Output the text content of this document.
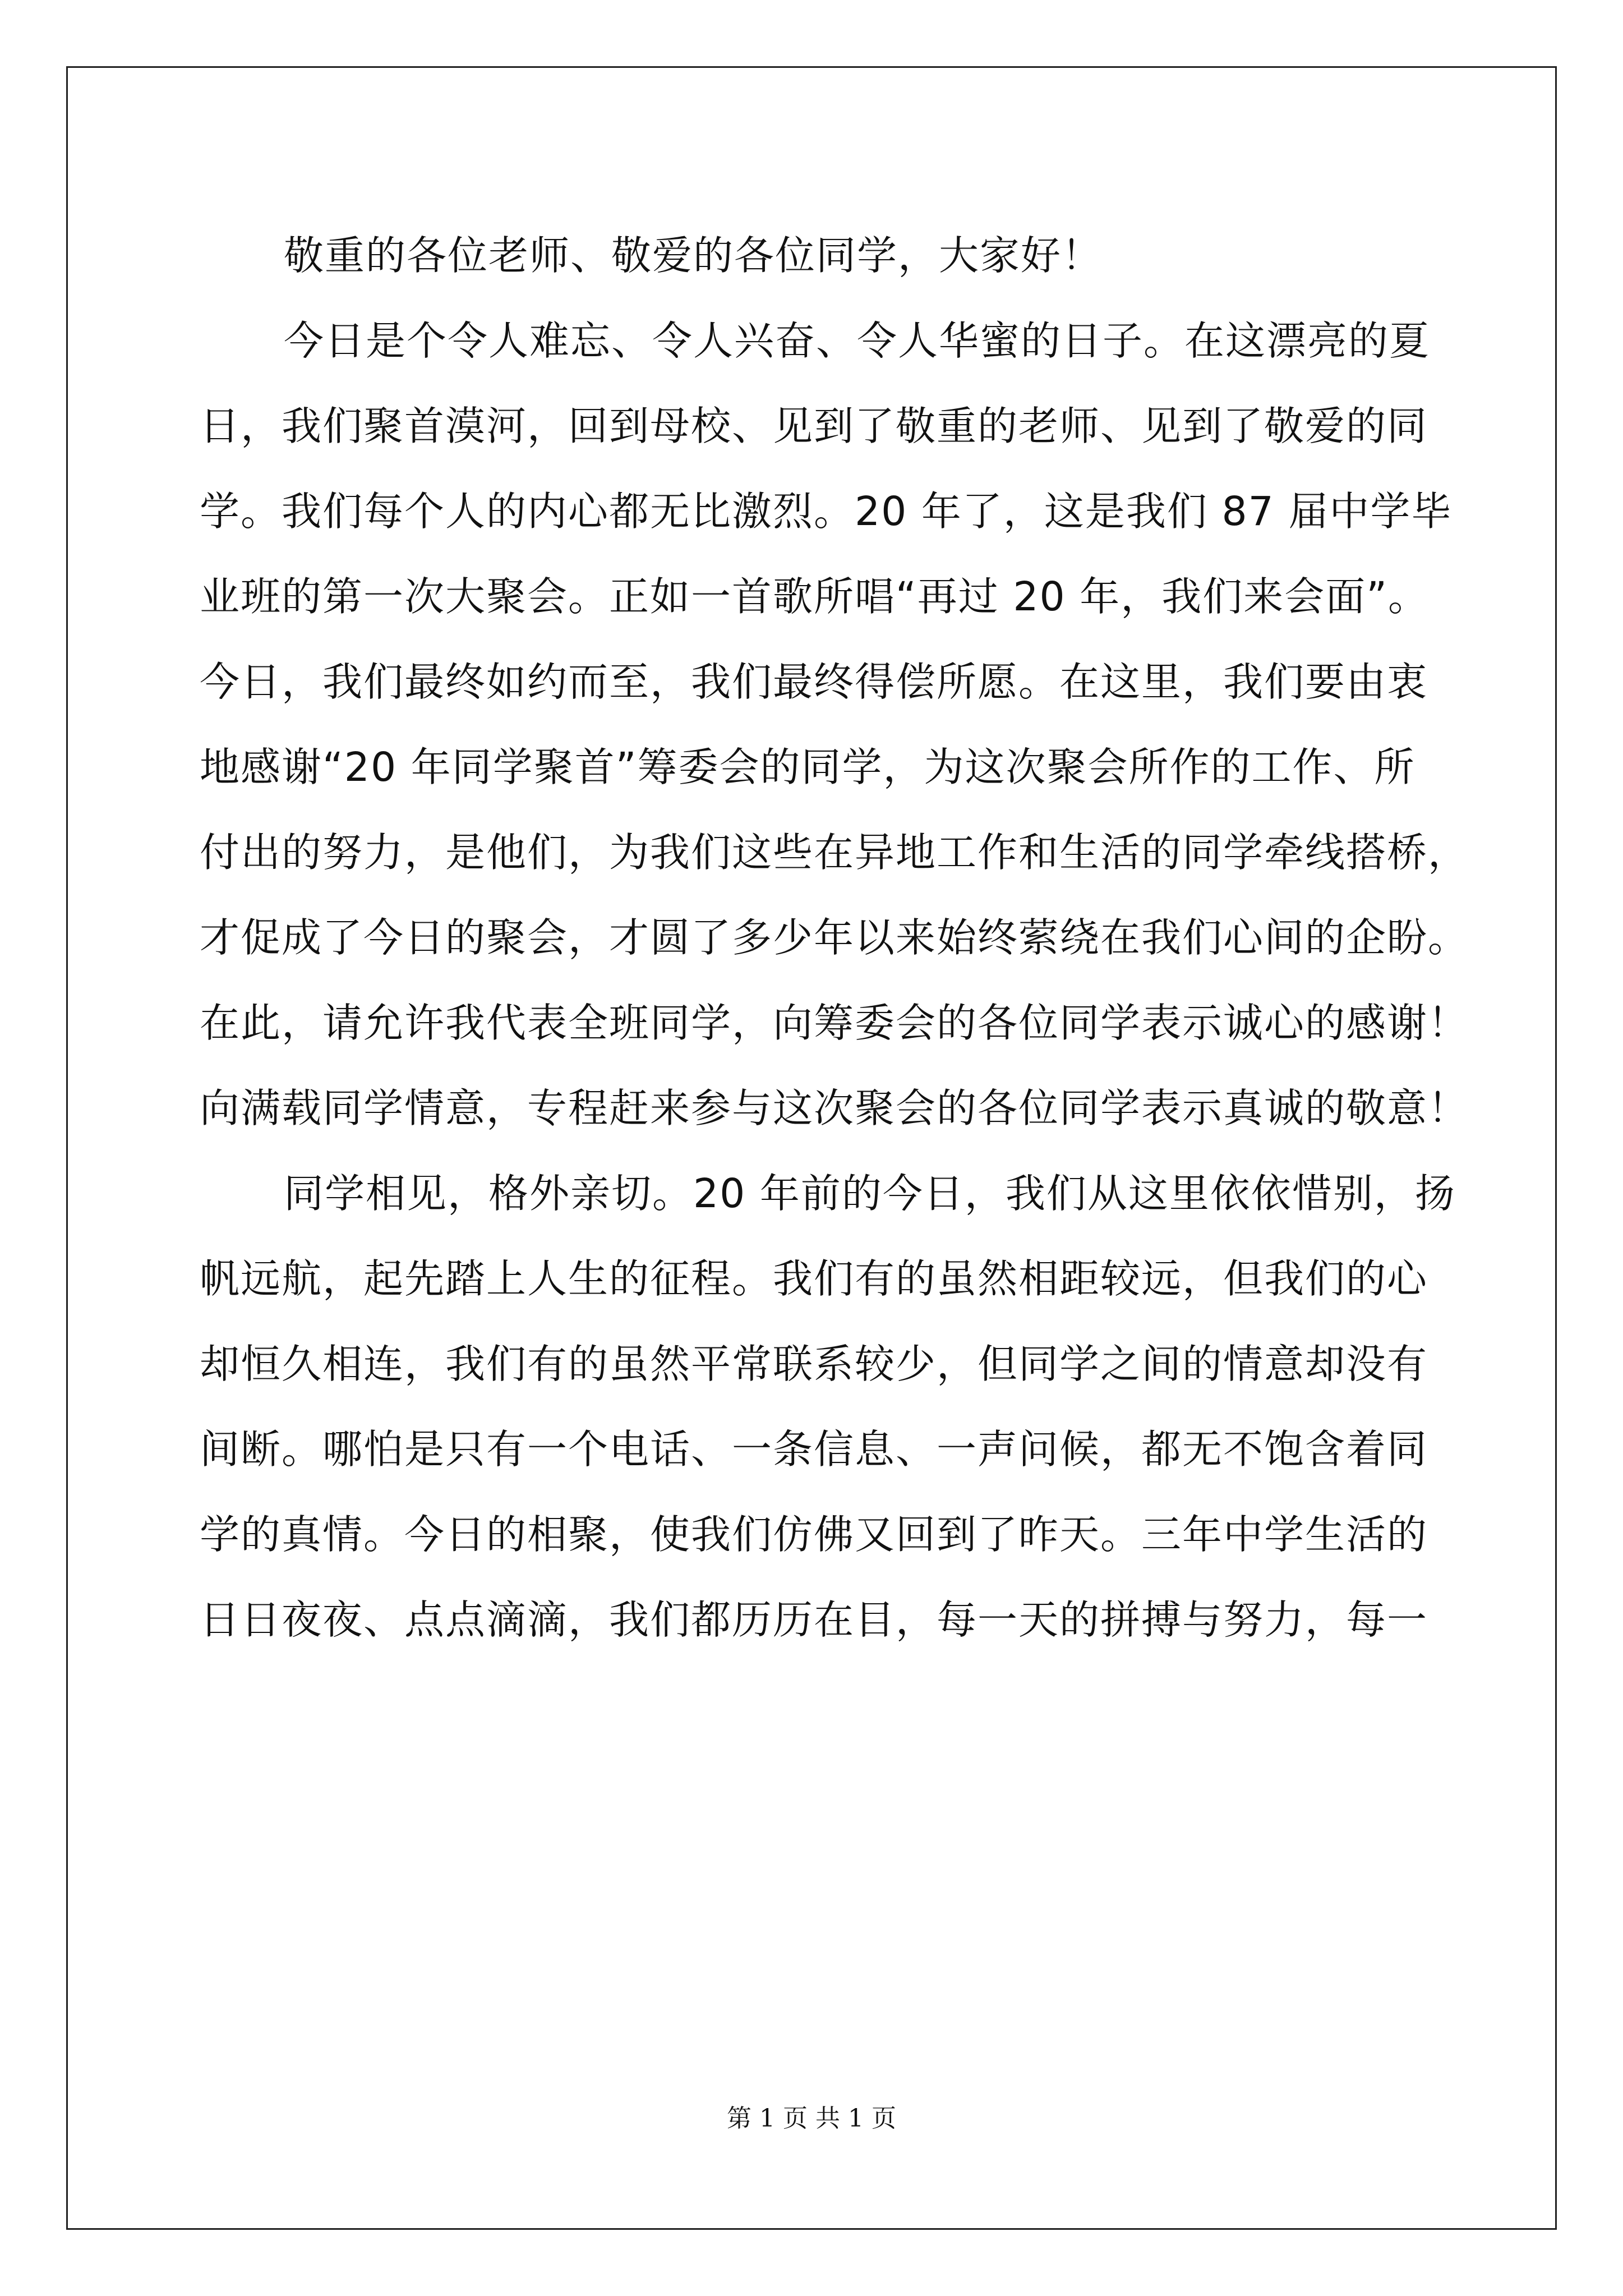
敬重的各位老师、敬爱的各位同学，大家好！
今日是个令人难忘、令人兴奋、令人华蜜的日子。在这漂亮的夏
日，我们聚首漠河，回到母校、见到了敬重的老师、见到了敬爱的同
学。我们每个人的内心都无比激烈。20 年了，这是我们 87 届中学毕
业班的第一次大聚会。正如一首歌所唱“再过 20 年，我们来会面”。
今日，我们最终如约而至，我们最终得偿所愿。在这里，我们要由衷
地感谢“20 年同学聚首”筹委会的同学，为这次聚会所作的工作、所
付出的努力，是他们，为我们这些在异地工作和生活的同学牵线搭桥，
才促成了今日的聚会，才圆了多少年以来始终萦绕在我们心间的企盼。
在此，请允许我代表全班同学，向筹委会的各位同学表示诚心的感谢！
向满载同学情意，专程赶来参与这次聚会的各位同学表示真诚的敬意！
同学相见，格外亲切。20 年前的今日，我们从这里依依惜别，扬
帆远航，起先踏上人生的征程。我们有的虽然相距较远，但我们的心
却恒久相连，我们有的虽然平常联系较少，但同学之间的情意却没有
间断。哪怕是只有一个电话、一条信息、一声问候，都无不饱含着同
学的真情。今日的相聚，使我们仿佛又回到了昨天。三年中学生活的
日日夜夜、点点滴滴，我们都历历在目，每一天的拼搏与努力，每一
第 1 页 共 1 页
